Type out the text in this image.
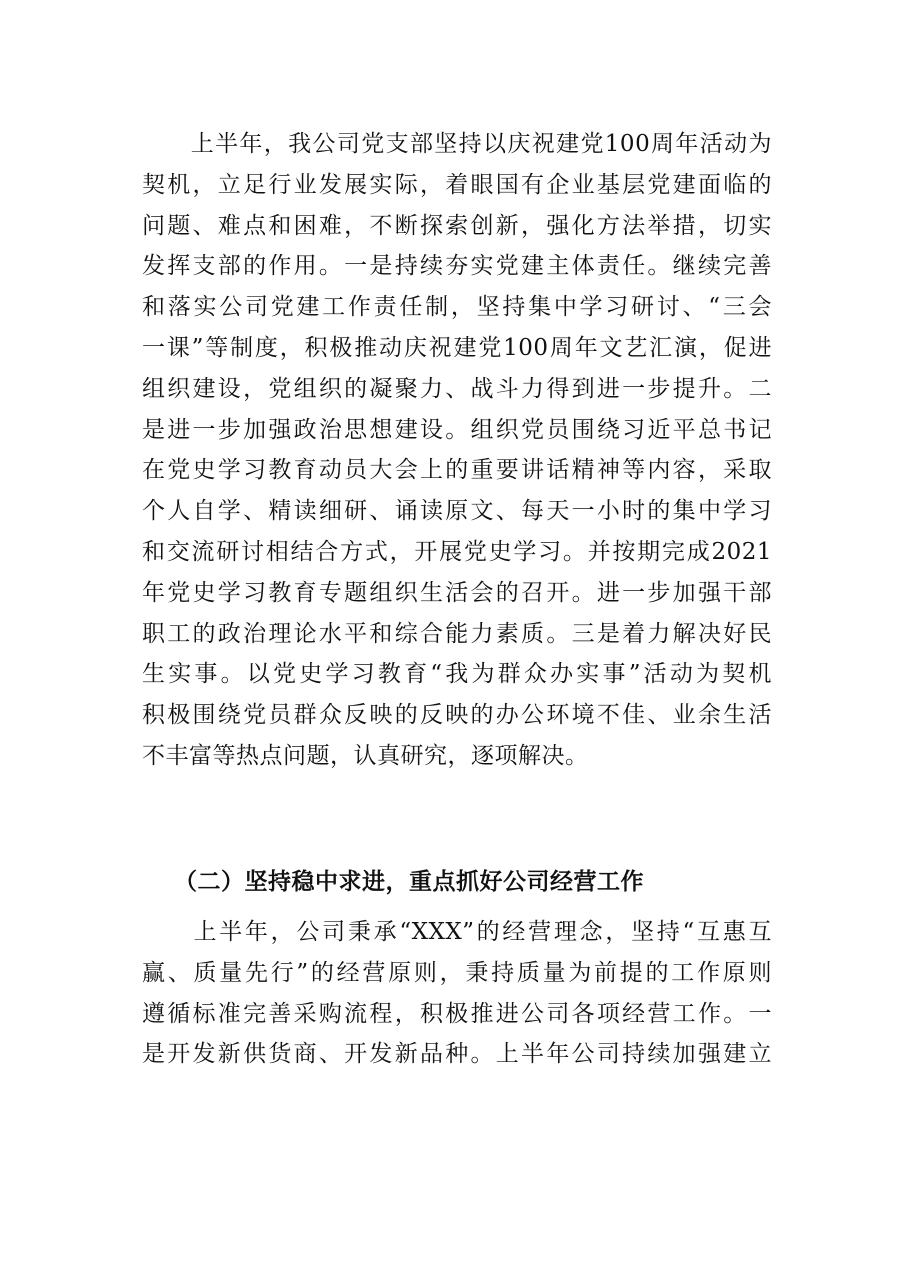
　　上半年，我公司党支部坚持以庆祝建党100周年活动为
契机，立足行业发展实际，着眼国有企业基层党建面临的
问题、难点和困难，不断探索创新，强化方法举措，切实
发挥支部的作用。一是持续夯实党建主体责任。继续完善
和落实公司党建工作责任制，坚持集中学习研讨、“三会
一课”等制度，积极推动庆祝建党100周年文艺汇演，促进
组织建设，党组织的凝聚力、战斗力得到进一步提升。二
是进一步加强政治思想建设。组织党员围绕习近平总书记
在党史学习教育动员大会上的重要讲话精神等内容，采取
个人自学、精读细研、诵读原文、每天一小时的集中学习
和交流研讨相结合方式，开展党史学习。并按期完成2021
年党史学习教育专题组织生活会的召开。进一步加强干部
职工的政治理论水平和综合能力素质。三是着力解决好民
生实事。以党史学习教育“我为群众办实事”活动为契机
积极围绕党员群众反映的反映的办公环境不佳、业余生活
不丰富等热点问题，认真研究，逐项解决。
（二）坚持稳中求进，重点抓好公司经营工作
　　上半年，公司秉承“XXX”的经营理念，坚持“互惠互
赢、质量先行”的经营原则，秉持质量为前提的工作原则
遵循标准完善采购流程，积极推进公司各项经营工作。一
是开发新供货商、开发新品种。上半年公司持续加强建立
